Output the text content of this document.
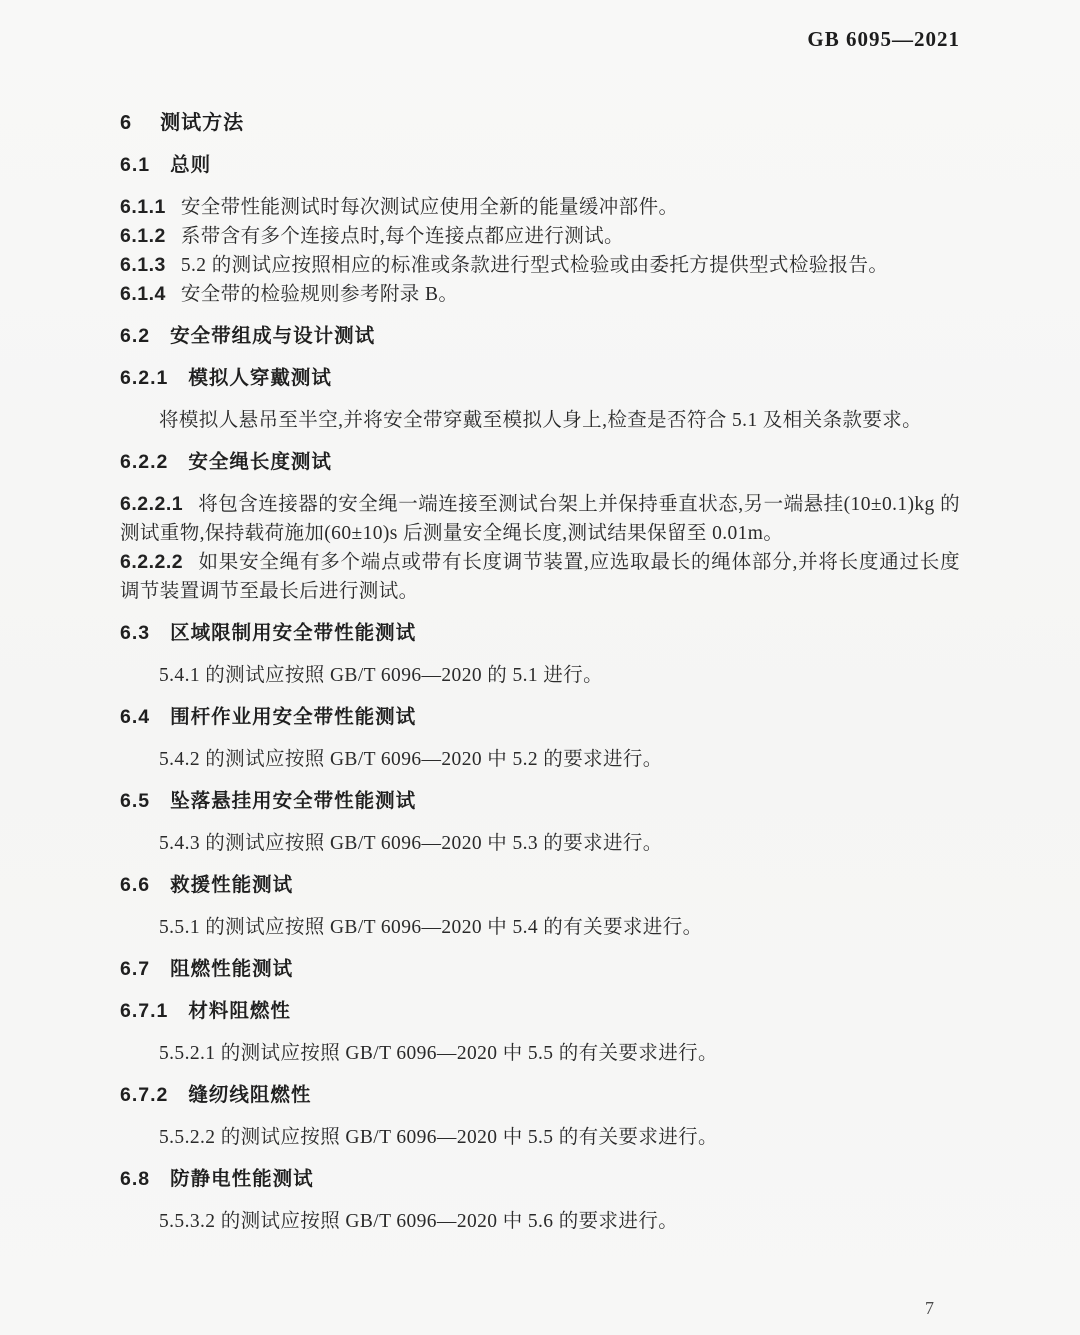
GB 6095—2021
6 测试方法
6.1 总则
6.1.1 安全带性能测试时每次测试应使用全新的能量缓冲部件。
6.1.2 系带含有多个连接点时,每个连接点都应进行测试。
6.1.3 5.2 的测试应按照相应的标准或条款进行型式检验或由委托方提供型式检验报告。
6.1.4 安全带的检验规则参考附录 B。
6.2 安全带组成与设计测试
6.2.1 模拟人穿戴测试
将模拟人悬吊至半空,并将安全带穿戴至模拟人身上,检查是否符合 5.1 及相关条款要求。
6.2.2 安全绳长度测试
6.2.2.1 将包含连接器的安全绳一端连接至测试台架上并保持垂直状态,另一端悬挂(10±0.1)kg 的测试重物,保持载荷施加(60±10)s 后测量安全绳长度,测试结果保留至 0.01m。
6.2.2.2 如果安全绳有多个端点或带有长度调节装置,应选取最长的绳体部分,并将长度通过长度调节装置调节至最长后进行测试。
6.3 区域限制用安全带性能测试
5.4.1 的测试应按照 GB/T 6096—2020 的 5.1 进行。
6.4 围杆作业用安全带性能测试
5.4.2 的测试应按照 GB/T 6096—2020 中 5.2 的要求进行。
6.5 坠落悬挂用安全带性能测试
5.4.3 的测试应按照 GB/T 6096—2020 中 5.3 的要求进行。
6.6 救援性能测试
5.5.1 的测试应按照 GB/T 6096—2020 中 5.4 的有关要求进行。
6.7 阻燃性能测试
6.7.1 材料阻燃性
5.5.2.1 的测试应按照 GB/T 6096—2020 中 5.5 的有关要求进行。
6.7.2 缝纫线阻燃性
5.5.2.2 的测试应按照 GB/T 6096—2020 中 5.5 的有关要求进行。
6.8 防静电性能测试
5.5.3.2 的测试应按照 GB/T 6096—2020 中 5.6 的要求进行。
7
